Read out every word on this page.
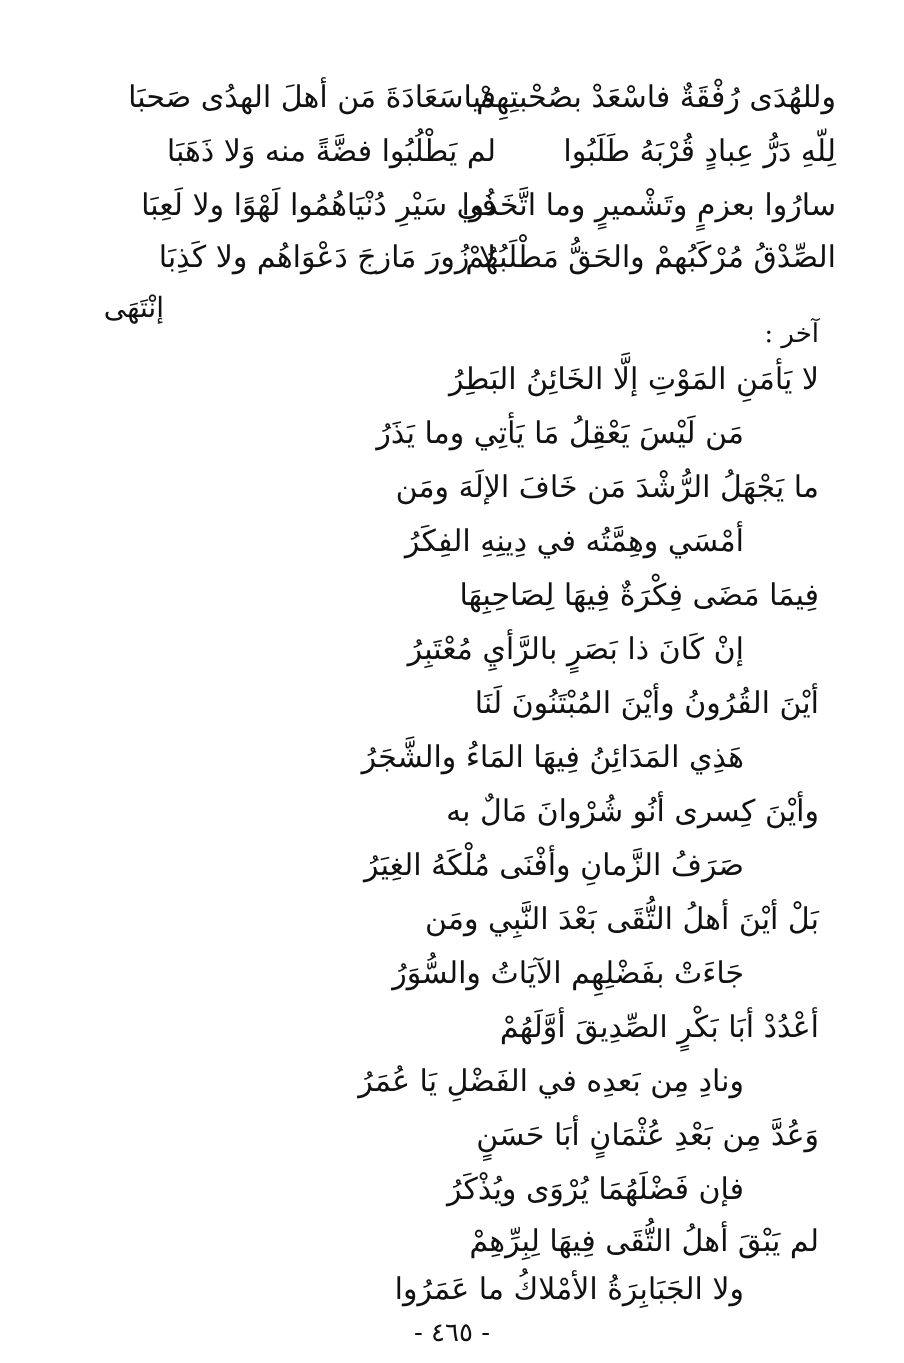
وللهُدَى رُفْقَةٌ فاسْعَدْ بصُحْبتِهِمْ
فياسَعَادَةَ مَن أهلَ الهدُى صَحبَا
لِلّهِ دَرُّ عِبادٍ قُرْبَهُ طَلَبُوا
لم يَطْلُبُوا فضَّةً منه وَلا ذَهَبَا
سارُوا بعزمٍ وتَشْميرٍ وما اتَّخَذُوا
في سَيْرِ دُنْيَاهُمُوا لَهْوًا ولا لَعِبَا
الصِّدْقُ مُرْكَبُهمْ والحَقُّ مَطْلَبُهُمْ
لا زُورَ مَازجَ دَعْوَاهُم ولا كَذِبَا
إنْتَهَى
آخر :
لا يَأمَنِ المَوْتِ إلَّا الخَائِنُ البَطِرُ
مَن لَيْسَ يَعْقِلُ مَا يَأتِي وما يَذَرُ
ما يَجْهَلُ الرُّشْدَ مَن خَافَ الإلَهَ ومَن
أمْسَي وهِمَّتُه في دِينِهِ الفِكَرُ
فِيمَا مَضَى فِكْرَةٌ فِيهَا لِصَاحِبِهَا
إنْ كَانَ ذا بَصَرٍ بالرَّأيِ مُعْتَبِرُ
أيْنَ القُرُونُ وأيْنَ المُبْتَنُونَ لَنَا
هَذِي المَدَائِنُ فِيهَا المَاءُ والشَّجَرُ
وأيْنَ كِسرى أنُو شُرْوانَ مَالٌ به
صَرَفُ الزَّمانِ وأفْنَى مُلْكَهُ الغِيَرُ
بَلْ أيْنَ أهلُ التُّقَى بَعْدَ النَّبِي ومَن
جَاءَتْ بفَضْلِهِم الآيَاتُ والسُّوَرُ
أعْدُدْ أبَا بَكْرٍ الصِّدِيقَ أوَّلَهُمْ
ونادِ مِن بَعدِه في الفَضْلِ يَا عُمَرُ
وَعُدَّ مِن بَعْدِ عُثْمَانٍ أبَا حَسَنٍ
فإن فَضْلَهُمَا يُرْوَى ويُذْكَرُ
لم يَبْقَ أهلُ التُّقَى فِيهَا لِبِرِّهِمْ
ولا الجَبَابِرَةُ الأمْلاكُ ما عَمَرُوا
- ٤٦٥ -
